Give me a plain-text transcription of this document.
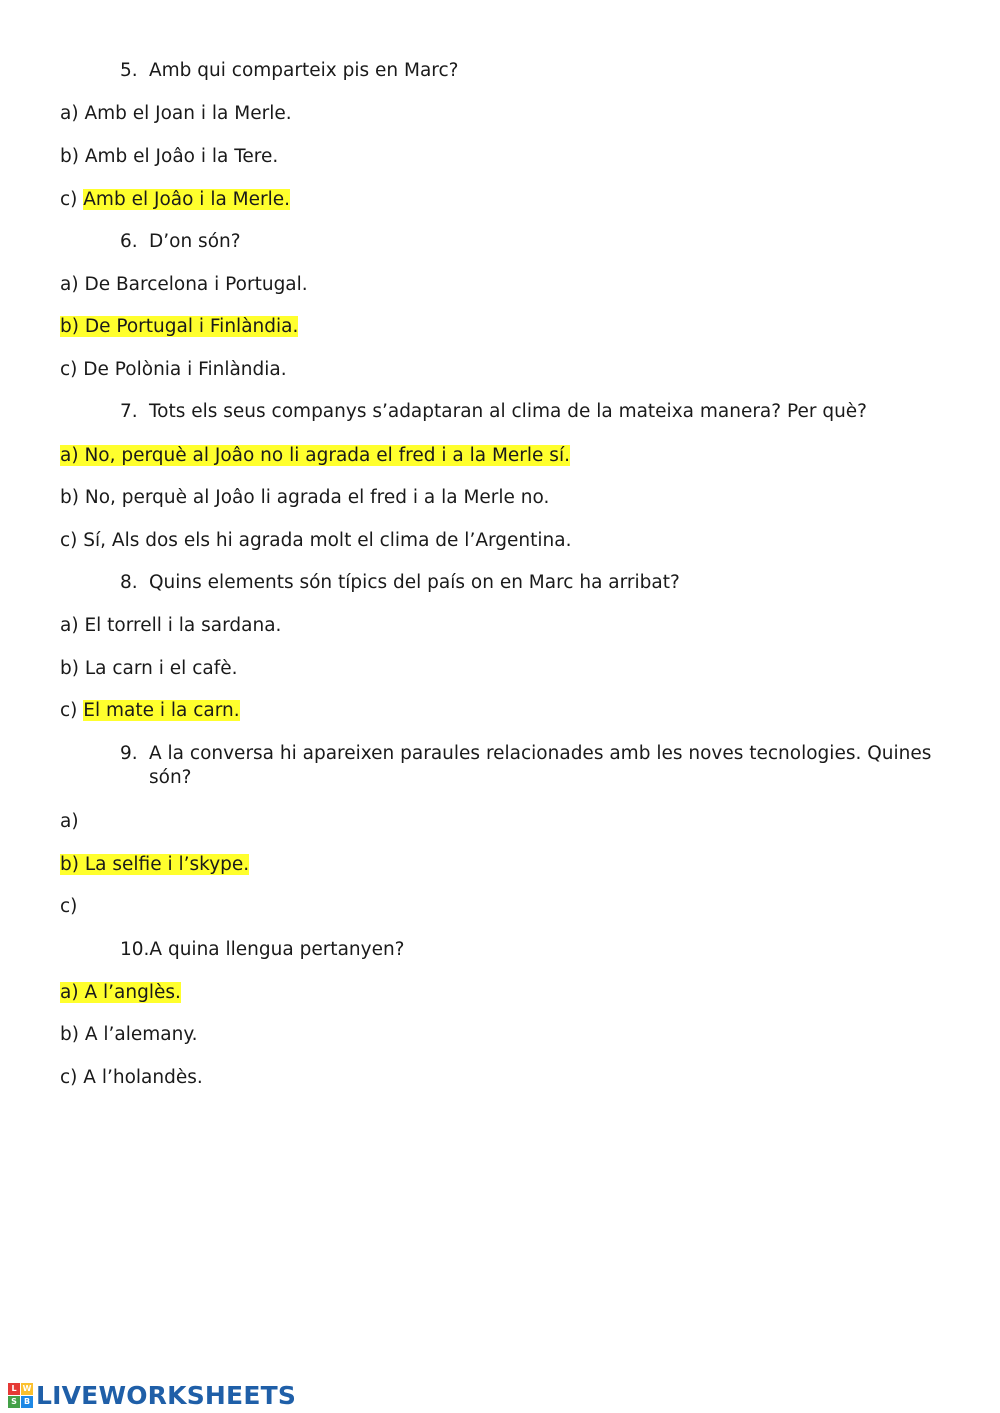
5. Amb qui comparteix pis en Marc?
a) Amb el Joan i la Merle.
b) Amb el Joâo i la Tere.
c) Amb el Joâo i la Merle.
6. D’on són?
a) De Barcelona i Portugal.
b) De Portugal i Finlàndia.
c) De Polònia i Finlàndia.
7. Tots els seus companys s’adaptaran al clima de la mateixa manera? Per què?
a) No, perquè al Joâo no li agrada el fred i a la Merle sí.
b) No, perquè al Joâo li agrada el fred i a la Merle no.
c) Sí, Als dos els hi agrada molt el clima de l’Argentina.
8. Quins elements són típics del país on en Marc ha arribat?
a) El torrell i la sardana.
b) La carn i el cafè.
c) El mate i la carn.
9. A la conversa hi apareixen paraules relacionades amb les noves tecnologies. Quines són?
a)
b) La selfie i l’skype.
c)
10.A quina llengua pertanyen?
a) A l’anglès.
b) A l’alemany.
c) A l’holandès.
L W
S B LIVEWORKSHEETS
